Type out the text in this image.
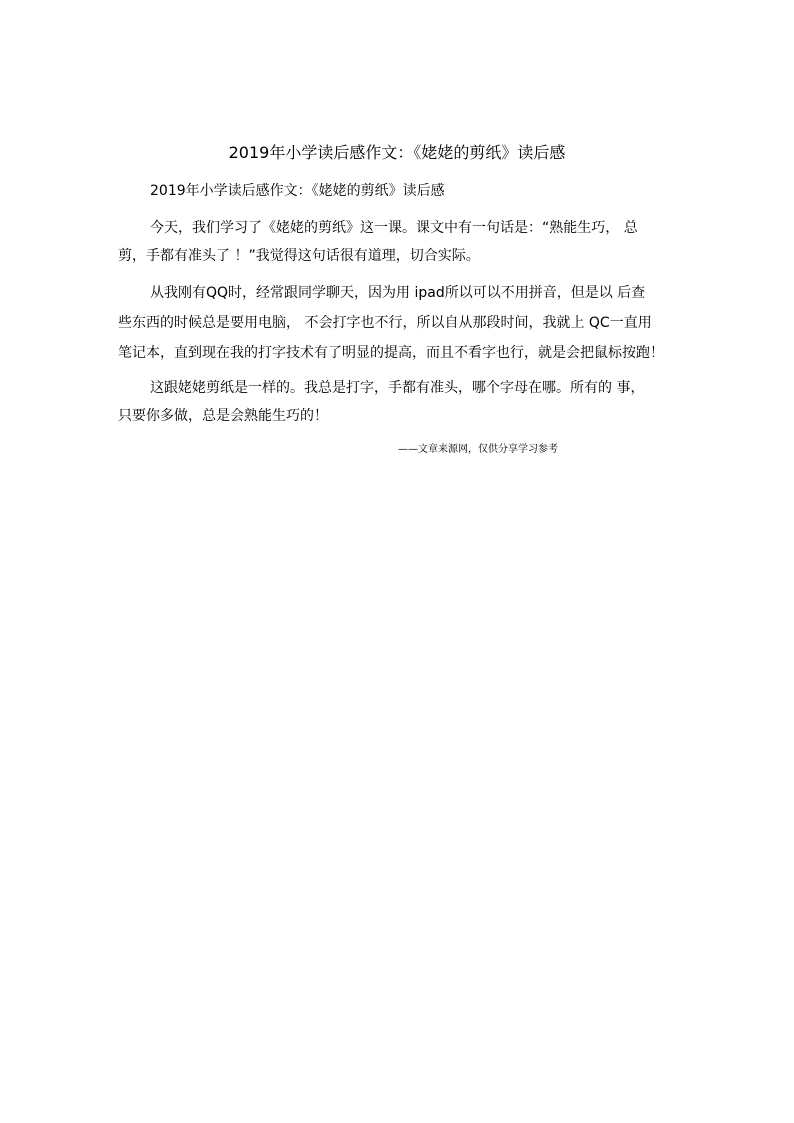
2019年小学读后感作文：《姥姥的剪纸》读后感
2019年小学读后感作文：《姥姥的剪纸》读后感
今天，我们学习了《姥姥的剪纸》这一课。课文中有一句话是：“熟能生巧， 总
剪，手都有准头了 ！”我觉得这句话很有道理，切合实际。
从我刚有QQ时，经常跟同学聊天，因为用 ipad所以可以不用拼音，但是以 后查
些东西的时候总是要用电脑， 不会打字也不行，所以自从那段时间，我就上 QC一直用
笔记本，直到现在我的打字技术有了明显的提高，而且不看字也行，就是会把鼠标按跑！
这跟姥姥剪纸是一样的。我总是打字，手都有准头，哪个字母在哪。所有的 事，
只要你多做，总是会熟能生巧的！
——文章来源网，仅供分享学习参考
